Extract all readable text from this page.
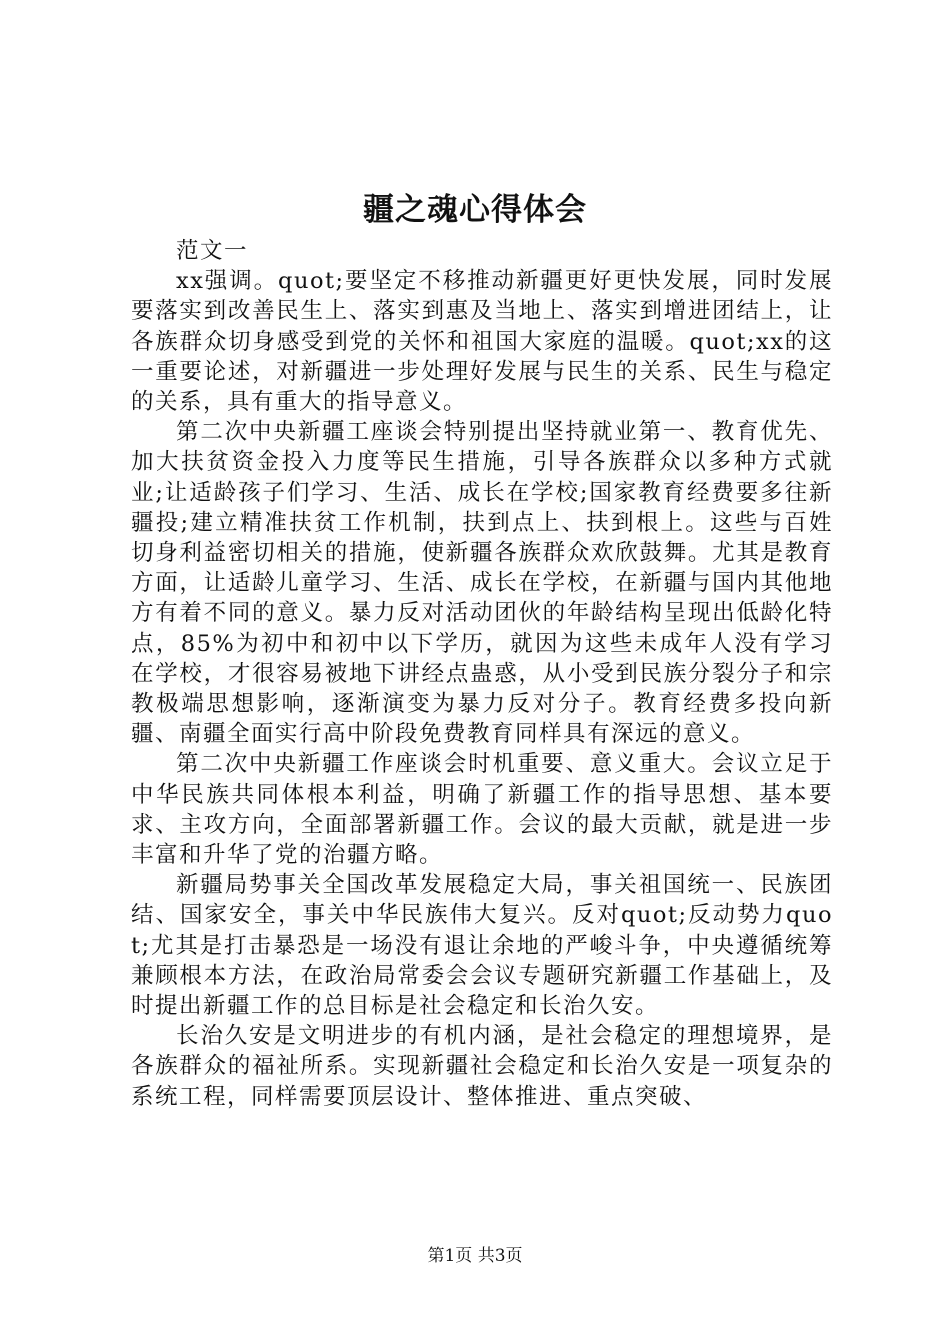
疆之魂心得体会

范文一

xx强调。quot;要坚定不移推动新疆更好更快发展，同时发展要落实到改善民生上、落实到惠及当地上、落实到增进团结上，让各族群众切身感受到党的关怀和祖国大家庭的温暖。quot;xx的这一重要论述，对新疆进一步处理好发展与民生的关系、民生与稳定的关系，具有重大的指导意义。

第二次中央新疆工座谈会特别提出坚持就业第一、教育优先、加大扶贫资金投入力度等民生措施，引导各族群众以多种方式就业;让适龄孩子们学习、生活、成长在学校;国家教育经费要多往新疆投;建立精准扶贫工作机制，扶到点上、扶到根上。这些与百姓切身利益密切相关的措施，使新疆各族群众欢欣鼓舞。尤其是教育方面，让适龄儿童学习、生活、成长在学校，在新疆与国内其他地方有着不同的意义。暴力反对活动团伙的年龄结构呈现出低龄化特点，85%为初中和初中以下学历，就因为这些未成年人没有学习在学校，才很容易被地下讲经点蛊惑，从小受到民族分裂分子和宗教极端思想影响，逐渐演变为暴力反对分子。教育经费多投向新疆、南疆全面实行高中阶段免费教育同样具有深远的意义。

第二次中央新疆工作座谈会时机重要、意义重大。会议立足于中华民族共同体根本利益，明确了新疆工作的指导思想、基本要求、主攻方向，全面部署新疆工作。会议的最大贡献，就是进一步丰富和升华了党的治疆方略。

新疆局势事关全国改革发展稳定大局，事关祖国统一、民族团结、国家安全，事关中华民族伟大复兴。反对quot;反动势力quot;尤其是打击暴恐是一场没有退让余地的严峻斗争，中央遵循统筹兼顾根本方法，在政治局常委会会议专题研究新疆工作基础上，及时提出新疆工作的总目标是社会稳定和长治久安。

长治久安是文明进步的有机内涵，是社会稳定的理想境界，是各族群众的福祉所系。实现新疆社会稳定和长治久安是一项复杂的系统工程，同样需要顶层设计、整体推进、重点突破、

第1页 共3页
